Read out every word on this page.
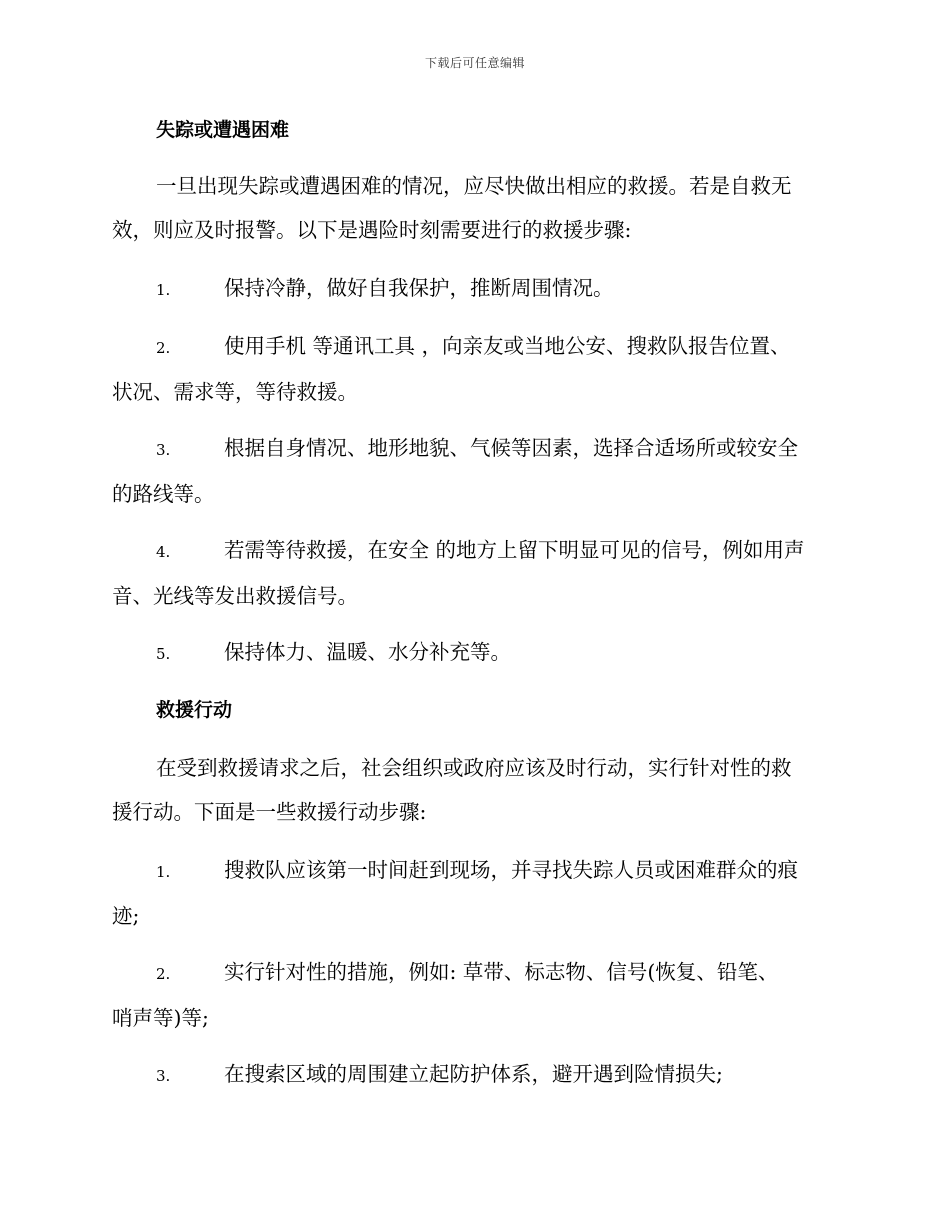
下载后可任意编辑
失踪或遭遇困难
一旦出现失踪或遭遇困难的情况，应尽快做出相应的救援。若是自救无
效，则应及时报警。以下是遇险时刻需要进行的救援步骤:
1.	保持冷静，做好自我保护，推断周围情况。
2.	使用手机 等通讯工具 ，向亲友或当地公安、搜救队报告位置、
状况、需求等，等待救援。
3.	根据自身情况、地形地貌、气候等因素，选择合适场所或较安全
的路线等。
4.	若需等待救援，在安全 的地方上留下明显可见的信号，例如用声
音、光线等发出救援信号。
5.	保持体力、温暖、水分补充等。
救援行动
在受到救援请求之后，社会组织或政府应该及时行动，实行针对性的救
援行动。下面是一些救援行动步骤:
1.	搜救队应该第一时间赶到现场，并寻找失踪人员或困难群众的痕
迹;
2.	实行针对性的措施，例如: 草带、标志物、信号(恢复、铅笔、
哨声等)等;
3.	在搜索区域的周围建立起防护体系，避开遇到险情损失;
